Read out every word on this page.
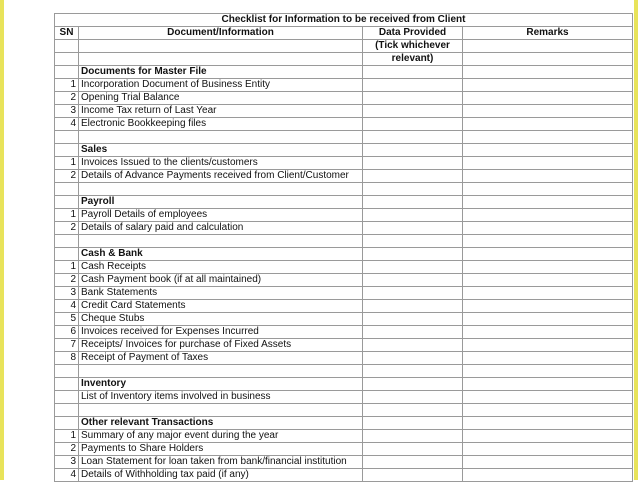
Checklist for Information to be received from Client			
SN	Document/Information	Data Provided	Remarks
		(Tick whichever	
		relevant)	
	Documents for Master File		
1	Incorporation Document of Business Entity		
2	Opening Trial Balance		
3	Income Tax return of Last Year		
4	Electronic Bookkeeping files		

	Sales		
1	Invoices Issued to the clients/customers		
2	Details of Advance Payments received from Client/Customer		

	Payroll		
1	Payroll Details of employees		
2	Details of salary paid and calculation		

	Cash & Bank		
1	Cash Receipts		
2	Cash Payment book (if at all maintained)		
3	Bank Statements		
4	Credit Card Statements		
5	Cheque Stubs		
6	Invoices received for Expenses Incurred		
7	Receipts/ Invoices for purchase of Fixed Assets		
8	Receipt of Payment of Taxes		

	Inventory		
	List of Inventory items involved in business		

	Other relevant Transactions		
1	Summary of any major event during the year		
2	Payments to Share Holders		
3	Loan Statement for loan taken from bank/financial institution		
4	Details of Withholding tax paid (if any)		
